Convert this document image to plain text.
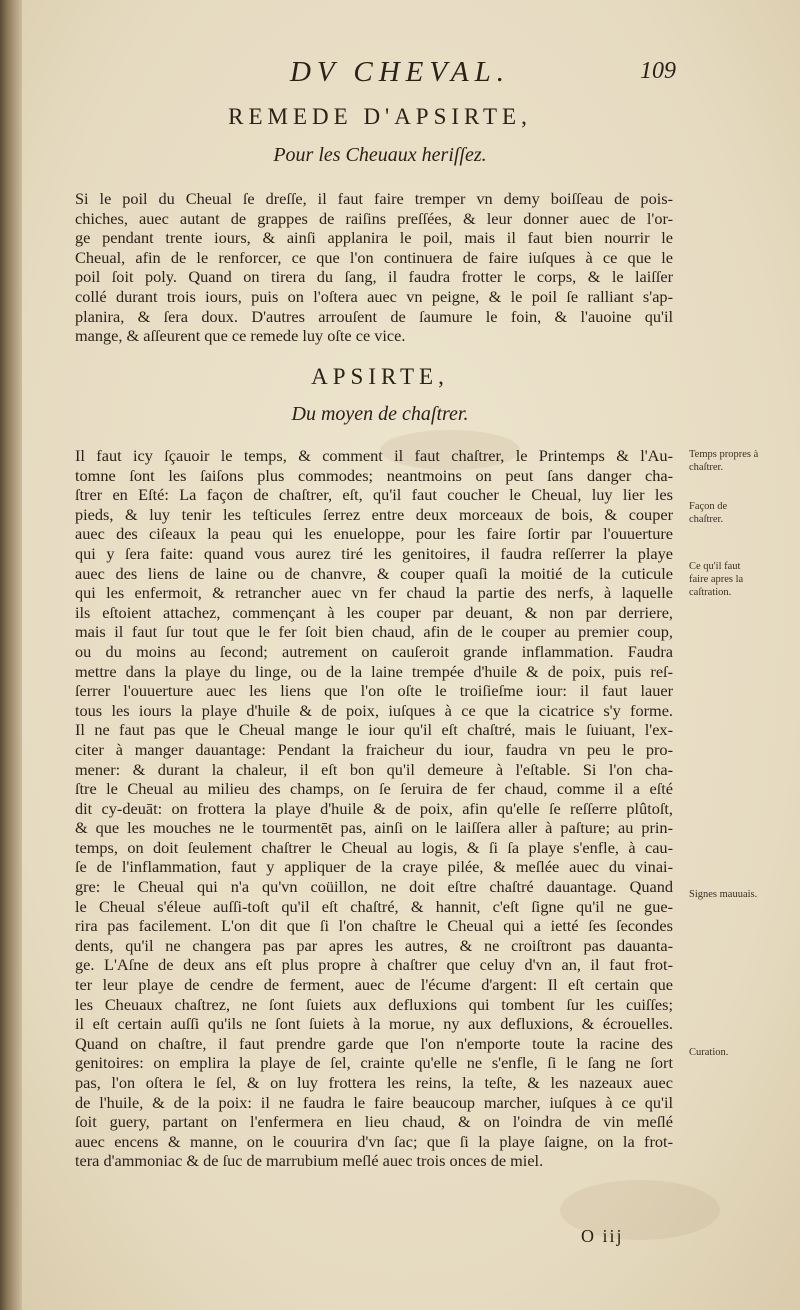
DV CHEVAL.	109
REMEDE D'APSIRTE,
Pour les Cheuaux heriſſez.
Si le poil du Cheual ſe dreſſe, il faut faire tremper vn demy boiſſeau de pois-
chiches, auec autant de grappes de raiſins preſſées, & leur donner auec de l'or-
ge pendant trente iours, & ainſi applanira le poil, mais il faut bien nourrir le
Cheual, afin de le renforcer, ce que l'on continuera de faire iuſques à ce que le
poil ſoit poly. Quand on tirera du ſang, il faudra frotter le corps, & le laiſſer
collé durant trois iours, puis on l'oſtera auec vn peigne, & le poil ſe ralliant s'ap-
planira, & ſera doux. D'autres arrouſent de ſaumure le foin, & l'auoine qu'il
mange, & aſſeurent que ce remede luy oſte ce vice.
APSIRTE,
Du moyen de chaſtrer.
Il faut icy ſçauoir le temps, & comment il faut chaſtrer, le Printemps & l'Au-
tomne ſont les ſaiſons plus commodes; neantmoins on peut ſans danger cha-
ſtrer en Eſté: La façon de chaſtrer, eſt, qu'il faut coucher le Cheual, luy lier les
pieds, & luy tenir les teſticules ſerrez entre deux morceaux de bois, & couper
auec des ciſeaux la peau qui les enueloppe, pour les faire ſortir par l'ouuerture
qui y ſera faite: quand vous aurez tiré les genitoires, il faudra reſſerrer la playe
auec des liens de laine ou de chanvre, & couper quaſi la moitié de la cuticule
qui les enfermoit, & retrancher auec vn fer chaud la partie des nerfs, à laquelle
ils eſtoient attachez, commençant à les couper par deuant, & non par derriere,
mais il faut ſur tout que le fer ſoit bien chaud, afin de le couper au premier coup,
ou du moins au ſecond; autrement on cauſeroit grande inflammation. Faudra
mettre dans la playe du linge, ou de la laine trempée d'huile & de poix, puis reſ-
ſerrer l'ouuerture auec les liens que l'on oſte le troiſieſme iour: il faut lauer
tous les iours la playe d'huile & de poix, iuſques à ce que la cicatrice s'y forme.
Il ne faut pas que le Cheual mange le iour qu'il eſt chaſtré, mais le ſuiuant, l'ex-
citer à manger dauantage: Pendant la fraicheur du iour, faudra vn peu le pro-
mener: & durant la chaleur, il eſt bon qu'il demeure à l'eſtable. Si l'on cha-
ſtre le Cheual au milieu des champs, on ſe ſeruira de fer chaud, comme il a eſté
dit cy-deuāt: on frottera la playe d'huile & de poix, afin qu'elle ſe reſſerre plûtoſt,
& que les mouches ne le tourmentēt pas, ainſi on le laiſſera aller à paſture; au prin-
temps, on doit ſeulement chaſtrer le Cheual au logis, & ſi ſa playe s'enfle, à cau-
ſe de l'inflammation, faut y appliquer de la craye pilée, & meſlée auec du vinai-
gre: le Cheual qui n'a qu'vn coüillon, ne doit eſtre chaſtré dauantage. Quand
le Cheual s'éleue auſſi-toſt qu'il eſt chaſtré, & hannit, c'eſt ſigne qu'il ne gue-
rira pas facilement. L'on dit que ſi l'on chaſtre le Cheual qui a ietté ſes ſecondes
dents, qu'il ne changera pas par apres les autres, & ne croiſtront pas dauanta-
ge. L'Aſne de deux ans eſt plus propre à chaſtrer que celuy d'vn an, il faut frot-
ter leur playe de cendre de ferment, auec de l'écume d'argent: Il eſt certain que
les Cheuaux chaſtrez, ne ſont ſuiets aux defluxions qui tombent ſur les cuiſſes;
il eſt certain auſſi qu'ils ne ſont ſuiets à la morue, ny aux defluxions, & écrouelles.
Quand on chaſtre, il faut prendre garde que l'on n'emporte toute la racine des
genitoires: on emplira la playe de ſel, crainte qu'elle ne s'enfle, ſi le ſang ne ſort
pas, l'on oſtera le ſel, & on luy frottera les reins, la teſte, & les nazeaux auec
de l'huile, & de la poix: il ne faudra le faire beaucoup marcher, iuſques à ce qu'il
ſoit guery, partant on l'enfermera en lieu chaud, & on l'oindra de vin meſlé
auec encens & manne, on le couurira d'vn ſac; que ſi la playe ſaigne, on la frot-
tera d'ammoniac & de ſuc de marrubium meſlé auec trois onces de miel.
Temps propres à chaſtrer.
Façon de chaſtrer.
Ce qu'il faut faire apres la caſtration.
Signes mauuais.
Curation.
O iij
